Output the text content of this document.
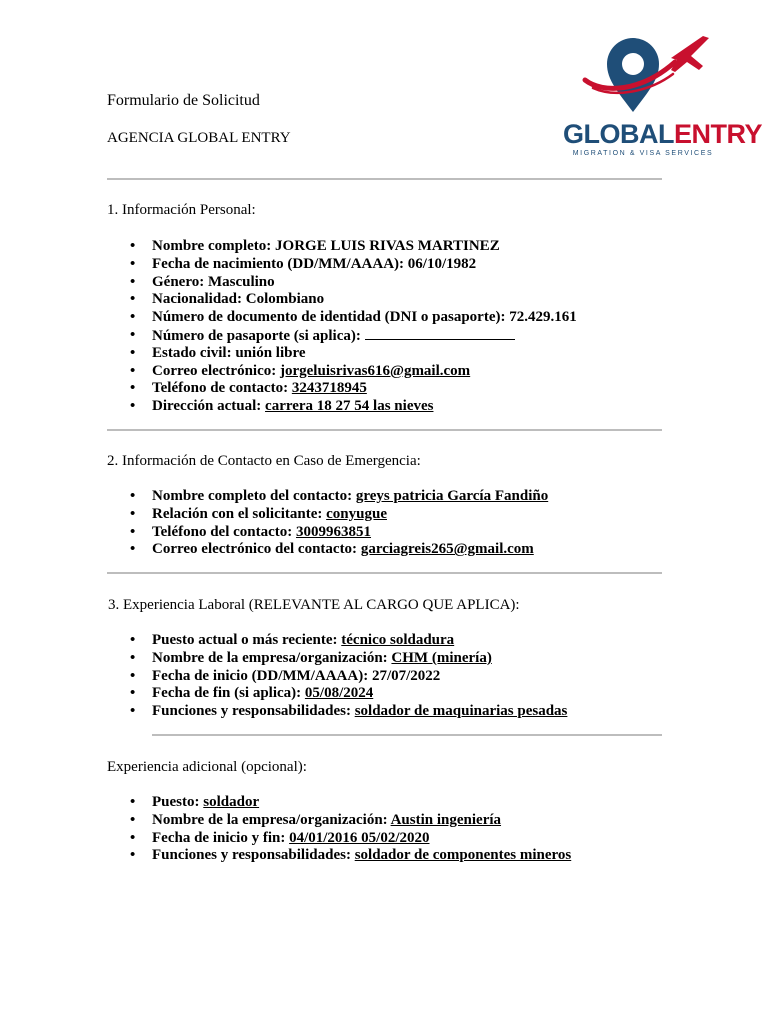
Formulario de Solicitud
AGENCIA GLOBAL ENTRY	GLOBALENTRY
MIGRATION & VISA SERVICES
1. Información Personal:
• Nombre completo: JORGE LUIS RIVAS MARTINEZ
• Fecha de nacimiento (DD/MM/AAAA): 06/10/1982
• Género: Masculino
• Nacionalidad: Colombiano
• Número de documento de identidad (DNI o pasaporte): 72.429.161
• Número de pasaporte (si aplica):
• Estado civil: unión libre
• Correo electrónico: jorgeluisrivas616@gmail.com
• Teléfono de contacto: 3243718945
• Dirección actual: carrera 18 27 54 las nieves
2. Información de Contacto en Caso de Emergencia:
• Nombre completo del contacto: greys patricia García Fandiño
• Relación con el solicitante: conyugue
• Teléfono del contacto: 3009963851
• Correo electrónico del contacto: garciagreis265@gmail.com
3. Experiencia Laboral (RELEVANTE AL CARGO QUE APLICA):
• Puesto actual o más reciente: técnico soldadura
• Nombre de la empresa/organización: CHM (minería)
• Fecha de inicio (DD/MM/AAAA): 27/07/2022
• Fecha de fin (si aplica): 05/08/2024
• Funciones y responsabilidades: soldador de maquinarias pesadas
Experiencia adicional (opcional):
• Puesto: soldador
• Nombre de la empresa/organización: Austin ingeniería
• Fecha de inicio y fin: 04/01/2016 05/02/2020
• Funciones y responsabilidades: soldador de componentes mineros
